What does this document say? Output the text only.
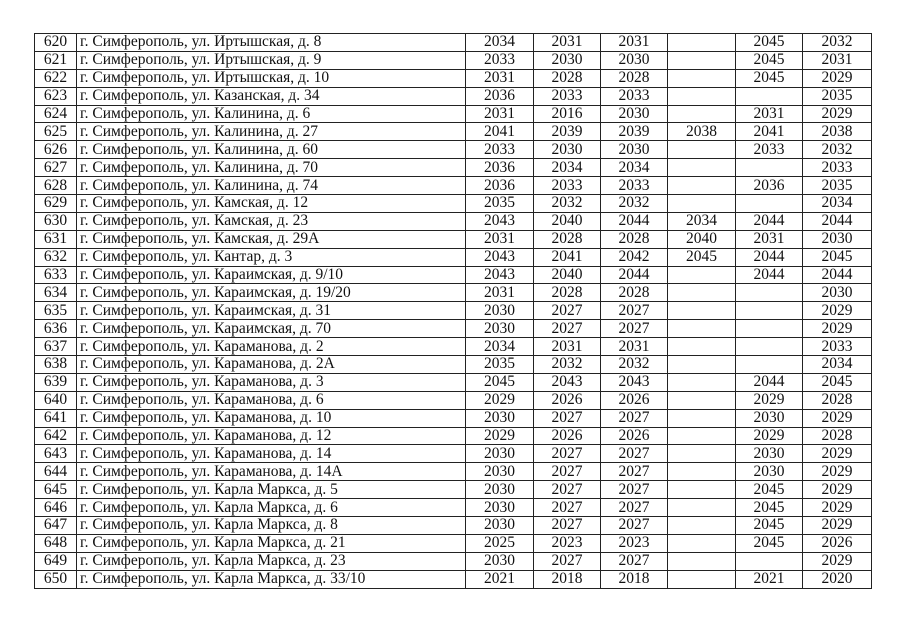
620	г. Симферополь, ул. Иртышская, д. 8	2034	2031	2031		2045	2032
621	г. Симферополь, ул. Иртышская, д. 9	2033	2030	2030		2045	2031
622	г. Симферополь, ул. Иртышская, д. 10	2031	2028	2028		2045	2029
623	г. Симферополь, ул. Казанская, д. 34	2036	2033	2033			2035
624	г. Симферополь, ул. Калинина, д. 6	2031	2016	2030		2031	2029
625	г. Симферополь, ул. Калинина, д. 27	2041	2039	2039	2038	2041	2038
626	г. Симферополь, ул. Калинина, д. 60	2033	2030	2030		2033	2032
627	г. Симферополь, ул. Калинина, д. 70	2036	2034	2034			2033
628	г. Симферополь, ул. Калинина, д. 74	2036	2033	2033		2036	2035
629	г. Симферополь, ул. Камская, д. 12	2035	2032	2032			2034
630	г. Симферополь, ул. Камская, д. 23	2043	2040	2044	2034	2044	2044
631	г. Симферополь, ул. Камская, д. 29А	2031	2028	2028	2040	2031	2030
632	г. Симферополь, ул. Кантар, д. 3	2043	2041	2042	2045	2044	2045
633	г. Симферополь, ул. Караимская, д. 9/10	2043	2040	2044		2044	2044
634	г. Симферополь, ул. Караимская, д. 19/20	2031	2028	2028			2030
635	г. Симферополь, ул. Караимская, д. 31	2030	2027	2027			2029
636	г. Симферополь, ул. Караимская, д. 70	2030	2027	2027			2029
637	г. Симферополь, ул. Караманова, д. 2	2034	2031	2031			2033
638	г. Симферополь, ул. Караманова, д. 2А	2035	2032	2032			2034
639	г. Симферополь, ул. Караманова, д. 3	2045	2043	2043		2044	2045
640	г. Симферополь, ул. Караманова, д. 6	2029	2026	2026		2029	2028
641	г. Симферополь, ул. Караманова, д. 10	2030	2027	2027		2030	2029
642	г. Симферополь, ул. Караманова, д. 12	2029	2026	2026		2029	2028
643	г. Симферополь, ул. Караманова, д. 14	2030	2027	2027		2030	2029
644	г. Симферополь, ул. Караманова, д. 14А	2030	2027	2027		2030	2029
645	г. Симферополь, ул. Карла Маркса, д. 5	2030	2027	2027		2045	2029
646	г. Симферополь, ул. Карла Маркса, д. 6	2030	2027	2027		2045	2029
647	г. Симферополь, ул. Карла Маркса, д. 8	2030	2027	2027		2045	2029
648	г. Симферополь, ул. Карла Маркса, д. 21	2025	2023	2023		2045	2026
649	г. Симферополь, ул. Карла Маркса, д. 23	2030	2027	2027			2029
650	г. Симферополь, ул. Карла Маркса, д. 33/10	2021	2018	2018		2021	2020
